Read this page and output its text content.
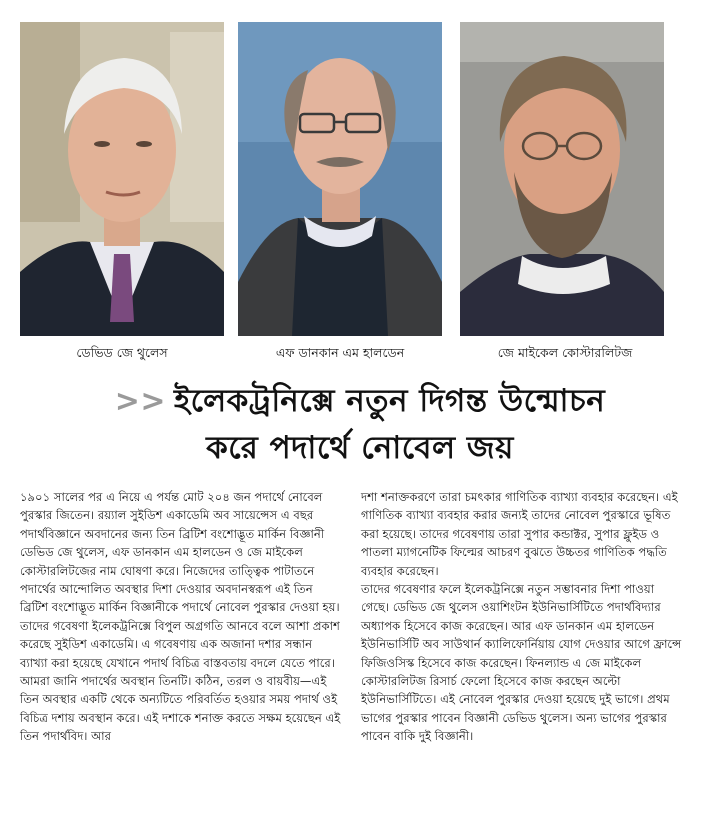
ডেভিড জে থুলেস	এফ ডানকান এম হালডেন	জে মাইকেল কোস্টারলিটজ
>> ইলেকট্রনিক্সে নতুন দিগন্ত উন্মোচন
করে পদার্থে নোবেল জয়

১৯০১ সালের পর এ নিয়ে এ পর্যন্ত মোট ২০৪ জন পদার্থে নোবেল পুরস্কার জিতেন। রয়্যাল সুইডিশ একাডেমি অব সায়েন্সেস এ বছর পদার্থবিজ্ঞানে অবদানের জন্য তিন ব্রিটিশ বংশোদ্ভূত মার্কিন বিজ্ঞানী ডেভিড জে থুলেস, এফ ডানকান এম হালডেন ও জে মাইকেল কোস্টারলিটজের নাম ঘোষণা করে। নিজেদের তাত্ত্বিক পাটাতনে পদার্থের আন্দোলিত অবস্থার দিশা দেওয়ার অবদানস্বরূপ এই তিন ব্রিটিশ বংশোদ্ভূত মার্কিন বিজ্ঞানীকে পদার্থে নোবেল পুরস্কার দেওয়া হয়। তাদের গবেষণা ইলেকট্রনিক্সে বিপুল অগ্রগতি আনবে বলে আশা প্রকাশ করেছে সুইডিশ একাডেমি। এ গবেষণায় এক অজানা দশার সন্ধান ব্যাখ্যা করা হয়েছে যেখানে পদার্থ বিচিত্র বাস্তবতায় বদলে যেতে পারে। আমরা জানি পদার্থের অবস্থান তিনটি। কঠিন, তরল ও বায়বীয়—এই তিন অবস্থার একটি থেকে অন্যটিতে পরিবর্তিত হওয়ার সময় পদার্থ ওই বিচিত্র দশায় অবস্থান করে। এই দশাকে শনাক্ত করতে সক্ষম হয়েছেন এই তিন পদার্থবিদ। আর

দশা শনাক্তকরণে তারা চমৎকার গাণিতিক ব্যাখ্যা ব্যবহার করেছেন। এই গাণিতিক ব্যাখ্যা ব্যবহার করার জন্যই তাদের নোবেল পুরস্কারে ভূষিত করা হয়েছে। তাদের গবেষণায় তারা সুপার কন্ডাক্টর, সুপার ফ্লুইড ও পাতলা ম্যাগনেটিক ফিল্মের আচরণ বুঝতে উচ্চতর গাণিতিক পদ্ধতি ব্যবহার করেছেন।

তাদের গবেষণার ফলে ইলেকট্রনিক্সে নতুন সম্ভাবনার দিশা পাওয়া গেছে। ডেভিড জে থুলেস ওয়াশিংটন ইউনিভার্সিটিতে পদার্থবিদ্যার অধ্যাপক হিসেবে কাজ করেছেন। আর এফ ডানকান এম হালডেন ইউনিভার্সিটি অব সাউথার্ন ক্যালিফোর্নিয়ায় যোগ দেওয়ার আগে ফ্রান্সে ফিজিওসিস্ক হিসেবে কাজ করেছেন। ফিনল্যান্ড এ জে মাইকেল কোস্টারলিটজ রিসার্চ ফেলো হিসেবে কাজ করছেন অল্টো ইউনিভার্সিটিতে। এই নোবেল পুরস্কার দেওয়া হয়েছে দুই ভাগে। প্রথম ভাগের পুরস্কার পাবেন বিজ্ঞানী ডেভিড থুলেস। অন্য ভাগের পুরস্কার পাবেন বাকি দুই বিজ্ঞানী।
